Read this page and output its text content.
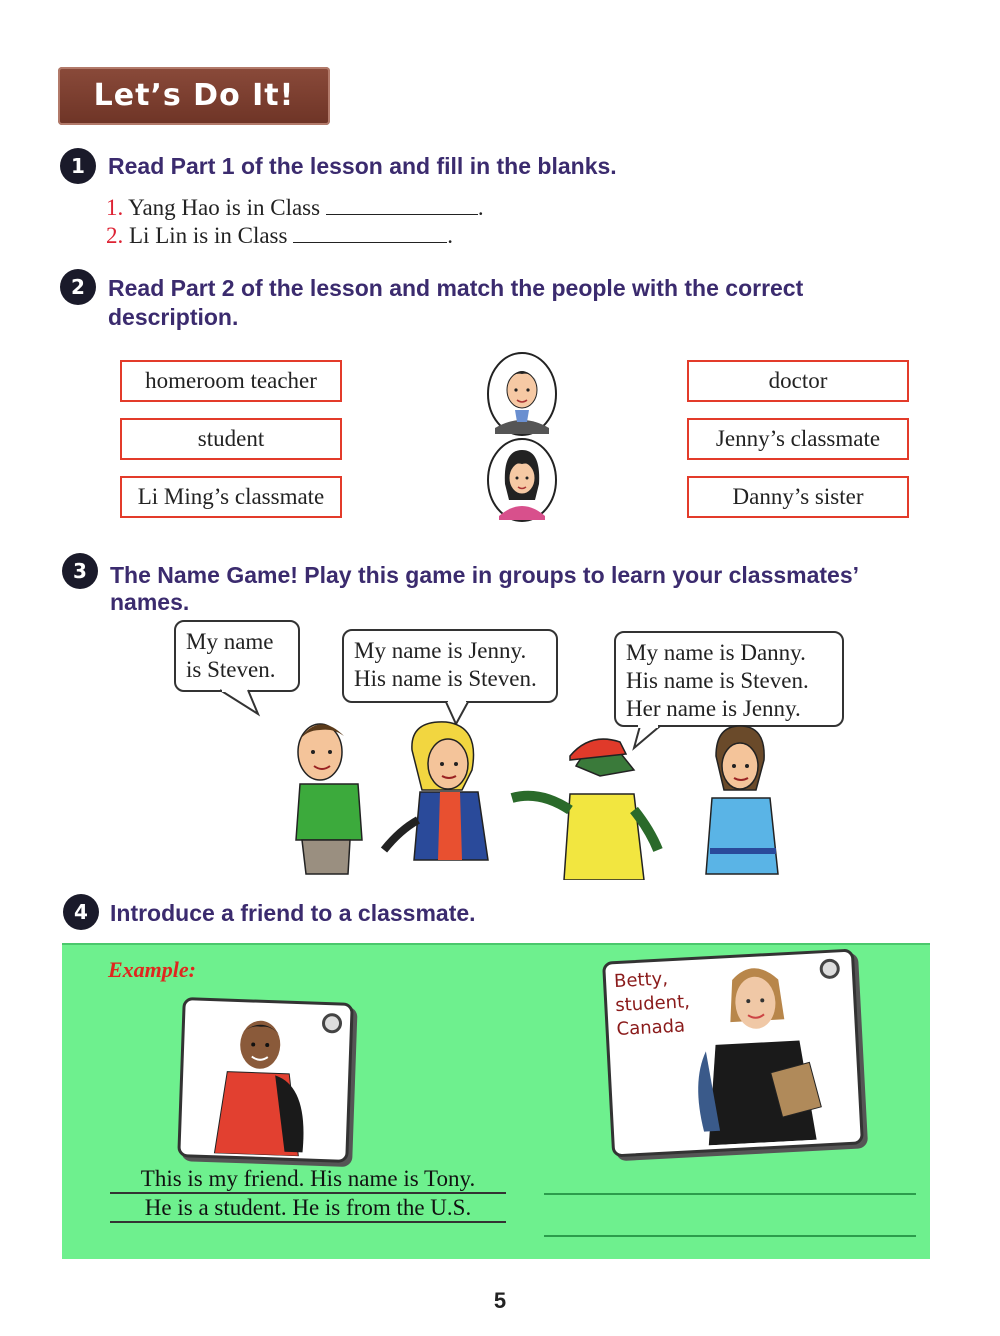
Let’s Do It!
1	Read Part 1 of the lesson and fill in the blanks.
1. Yang Hao is in Class	.
2. Li Lin is in Class	.
2	Read Part 2 of the lesson and match the people with the correct
description.
homeroom teacher
student
Li Ming’s classmate
doctor
Jenny’s classmate
Danny’s sister
3	The Name Game! Play this game in groups to learn your classmates’
names.
My name
is Steven.
My name is Jenny.
His name is Steven.
My name is Danny.
His name is Steven.
Her name is Jenny.
4 Introduce a friend to a classmate.
Example:	Betty,
student,
Canada
This is my friend. His name is Tony.
He is a student. He is from the U.S.
5
